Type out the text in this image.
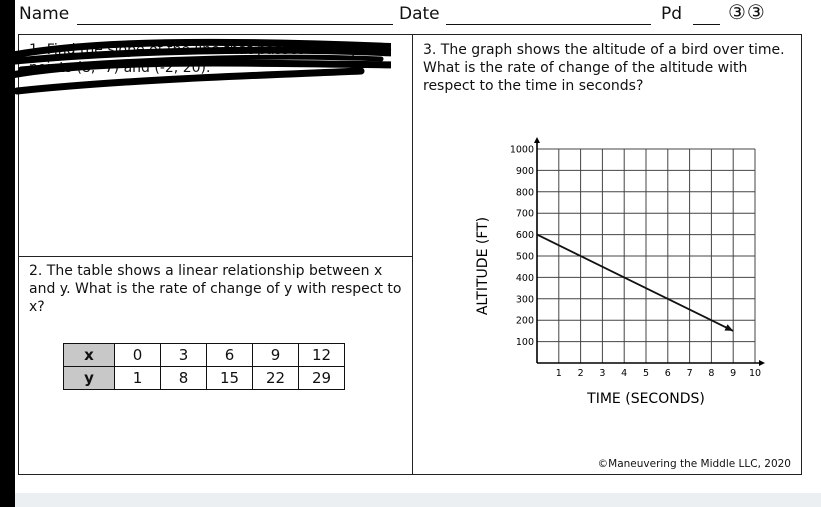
Name	Date	Pd ③③
1. Find the slope of the line that passes through the points (8, -7) and (-2, 20).
2. The table shows a linear relationship between x and y. What is the rate of change of y with respect to x?
x	0	3	6	9	12
y	1	8	15	22	29
3. The graph shows the altitude of a bird over time. What is the rate of change of the altitude with respect to the time in seconds?
100
200
300
400
500
600
700
800
900
1000
1 2 3 4 5 6 7 8 9 10
TIME (SECONDS)
ALTITUDE (FT)
©Maneuvering the Middle LLC, 2020
